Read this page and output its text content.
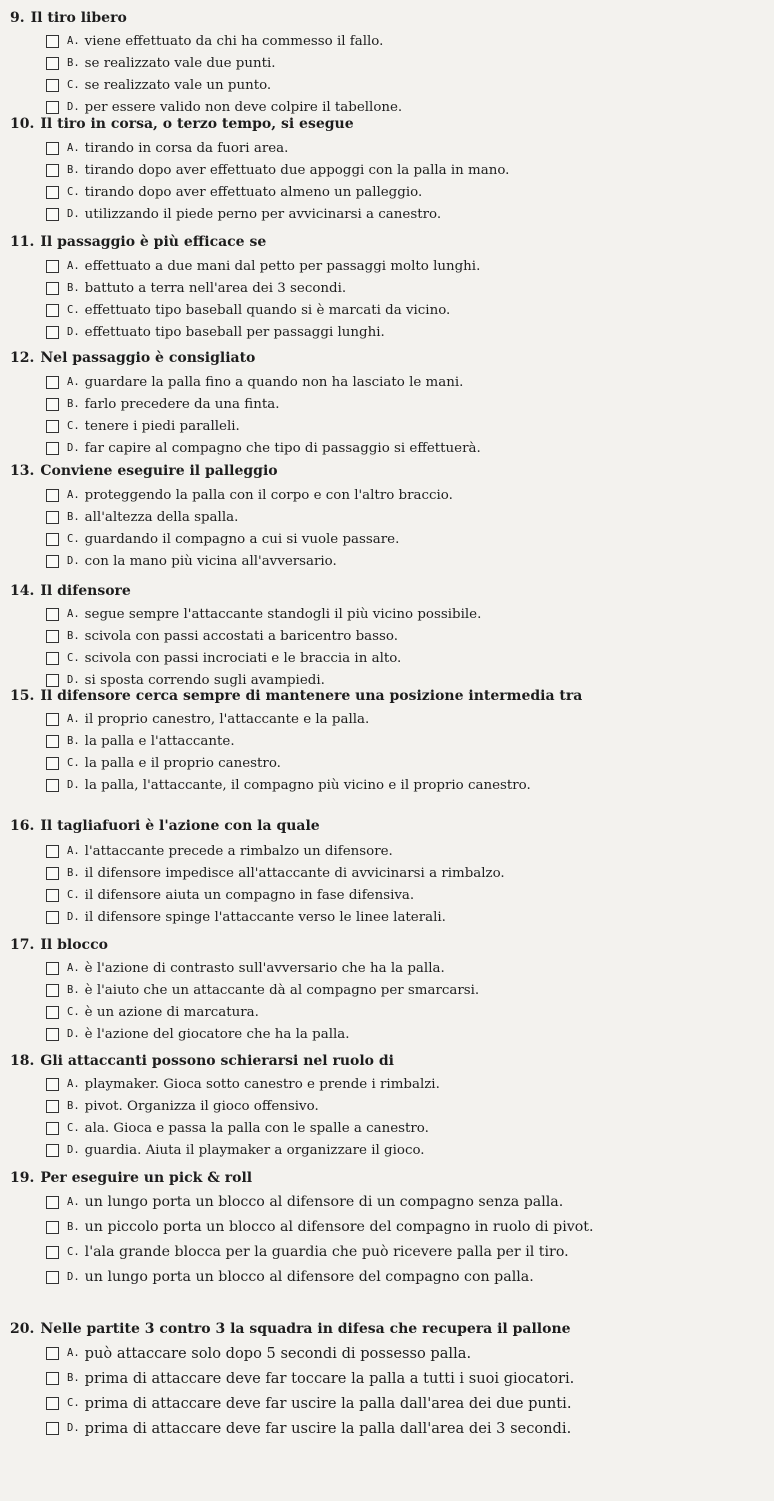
9. Il tiro libero
A. viene effettuato da chi ha commesso il fallo.
B. se realizzato vale due punti.
C. se realizzato vale un punto.
D. per essere valido non deve colpire il tabellone.
10. Il tiro in corsa, o terzo tempo, si esegue
A. tirando in corsa da fuori area.
B. tirando dopo aver effettuato due appoggi con la palla in mano.
C. tirando dopo aver effettuato almeno un palleggio.
D. utilizzando il piede perno per avvicinarsi a canestro.
11. Il passaggio è più efficace se
A. effettuato a due mani dal petto per passaggi molto lunghi.
B. battuto a terra nell'area dei 3 secondi.
C. effettuato tipo baseball quando si è marcati da vicino.
D. effettuato tipo baseball per passaggi lunghi.
12. Nel passaggio è consigliato
A. guardare la palla fino a quando non ha lasciato le mani.
B. farlo precedere da una finta.
C. tenere i piedi paralleli.
D. far capire al compagno che tipo di passaggio si effettuerà.
13. Conviene eseguire il palleggio
A. proteggendo la palla con il corpo e con l'altro braccio.
B. all'altezza della spalla.
C. guardando il compagno a cui si vuole passare.
D. con la mano più vicina all'avversario.
14. Il difensore
A. segue sempre l'attaccante standogli il più vicino possibile.
B. scivola con passi accostati a baricentro basso.
C. scivola con passi incrociati e le braccia in alto.
D. si sposta correndo sugli avampiedi.
15. Il difensore cerca sempre di mantenere una posizione intermedia tra
A. il proprio canestro, l'attaccante e la palla.
B. la palla e l'attaccante.
C. la palla e il proprio canestro.
D. la palla, l'attaccante, il compagno più vicino e il proprio canestro.
16. Il tagliafuori è l'azione con la quale
A. l'attaccante precede a rimbalzo un difensore.
B. il difensore impedisce all'attaccante di avvicinarsi a rimbalzo.
C. il difensore aiuta un compagno in fase difensiva.
D. il difensore spinge l'attaccante verso le linee laterali.
17. Il blocco
A. è l'azione di contrasto sull'avversario che ha la palla.
B. è l'aiuto che un attaccante dà al compagno per smarcarsi.
C. è un azione di marcatura.
D. è l'azione del giocatore che ha la palla.
18. Gli attaccanti possono schierarsi nel ruolo di
A. playmaker. Gioca sotto canestro e prende i rimbalzi.
B. pivot. Organizza il gioco offensivo.
C. ala. Gioca e passa la palla con le spalle a canestro.
D. guardia. Aiuta il playmaker a organizzare il gioco.
19. Per eseguire un pick & roll
A. un lungo porta un blocco al difensore di un compagno senza palla.
B. un piccolo porta un blocco al difensore del compagno in ruolo di pivot.
C. l'ala grande blocca per la guardia che può ricevere palla per il tiro.
D. un lungo porta un blocco al difensore del compagno con palla.
20. Nelle partite 3 contro 3 la squadra in difesa che recupera il pallone
A. può attaccare solo dopo 5 secondi di possesso palla.
B. prima di attaccare deve far toccare la palla a tutti i suoi giocatori.
C. prima di attaccare deve far uscire la palla dall'area dei due punti.
D. prima di attaccare deve far uscire la palla dall'area dei 3 secondi.
